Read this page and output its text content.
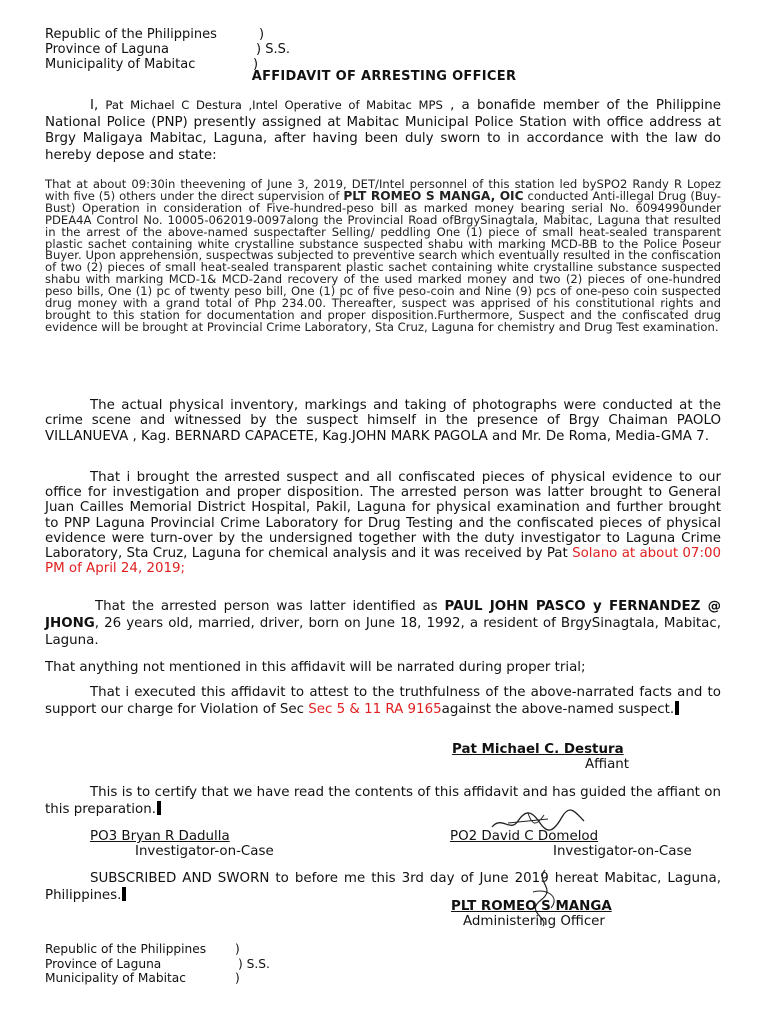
Republic of the Philippines	)
Province of Laguna	) S.S.
Municipality of Mabitac	)
AFFIDAVIT OF ARRESTING OFFICER
I, Pat Michael C Destura ,Intel Operative of Mabitac MPS , a bonafide member of the Philippine National Police (PNP) presently assigned at Mabitac Municipal Police Station with office address at Brgy Maligaya Mabitac, Laguna, after having been duly sworn to in accordance with the law do hereby depose and state:
That at about 09:30in theevening of June 3, 2019, DET/Intel personnel of this station led bySPO2 Randy R Lopez with five (5) others under the direct supervision of PLT ROMEO S MANGA, OIC conducted Anti-illegal Drug (Buy-Bust) Operation in consideration of Five-hundred-peso bill as marked money bearing serial No. 6094990under PDEA4A Control No. 10005-062019-0097along the Provincial Road ofBrgySinagtala, Mabitac, Laguna that resulted in the arrest of the above-named suspectafter Selling/ peddling One (1) piece of small heat-sealed transparent plastic sachet containing white crystalline substance suspected shabu with marking MCD-BB to the Police Poseur Buyer. Upon apprehension, suspectwas subjected to preventive search which eventually resulted in the confiscation of two (2) pieces of small heat-sealed transparent plastic sachet containing white crystalline substance suspected shabu with marking MCD-1& MCD-2and recovery of the used marked money and two (2) pieces of one-hundred peso bills, One (1) pc of twenty peso bill, One (1) pc of five peso-coin and Nine (9) pcs of one-peso coin suspected drug money with a grand total of Php 234.00. Thereafter, suspect was apprised of his constitutional rights and brought to this station for documentation and proper disposition.Furthermore, Suspect and the confiscated drug evidence will be brought at Provincial Crime Laboratory, Sta Cruz, Laguna for chemistry and Drug Test examination.
The actual physical inventory, markings and taking of photographs were conducted at the crime scene and witnessed by the suspect himself in the presence of Brgy Chaiman PAOLO VILLANUEVA , Kag. BERNARD CAPACETE, Kag.JOHN MARK PAGOLA and Mr. De Roma, Media-GMA 7.
That i brought the arrested suspect and all confiscated pieces of physical evidence to our office for investigation and proper disposition. The arrested person was latter brought to General Juan Cailles Memorial District Hospital, Pakil, Laguna for physical examination and further brought to PNP Laguna Provincial Crime Laboratory for Drug Testing and the confiscated pieces of physical evidence were turn-over by the undersigned together with the duty investigator to Laguna Crime Laboratory, Sta Cruz, Laguna for chemical analysis and it was received by Pat Solano at about 07:00 PM of April 24, 2019;
That the arrested person was latter identified as PAUL JOHN PASCO y FERNANDEZ @ JHONG, 26 years old, married, driver, born on June 18, 1992, a resident of BrgySinagtala, Mabitac, Laguna.
That anything not mentioned in this affidavit will be narrated during proper trial;
That i executed this affidavit to attest to the truthfulness of the above-narrated facts and to support our charge for Violation of Sec Sec 5 & 11 RA 9165against the above-named suspect.
Pat Michael C. Destura
Affiant
This is to certify that we have read the contents of this affidavit and has guided the affiant on this preparation.
PO3 Bryan R Dadulla
Investigator-on-Case
PO2 David C Domelod
Investigator-on-Case
SUBSCRIBED AND SWORN to before me this 3rd day of June 2019 hereat Mabitac, Laguna, Philippines.
PLT ROMEO S MANGA
Administering Officer
Republic of the Philippines )
Province of Laguna	) S.S.
Municipality of Mabitac	)
